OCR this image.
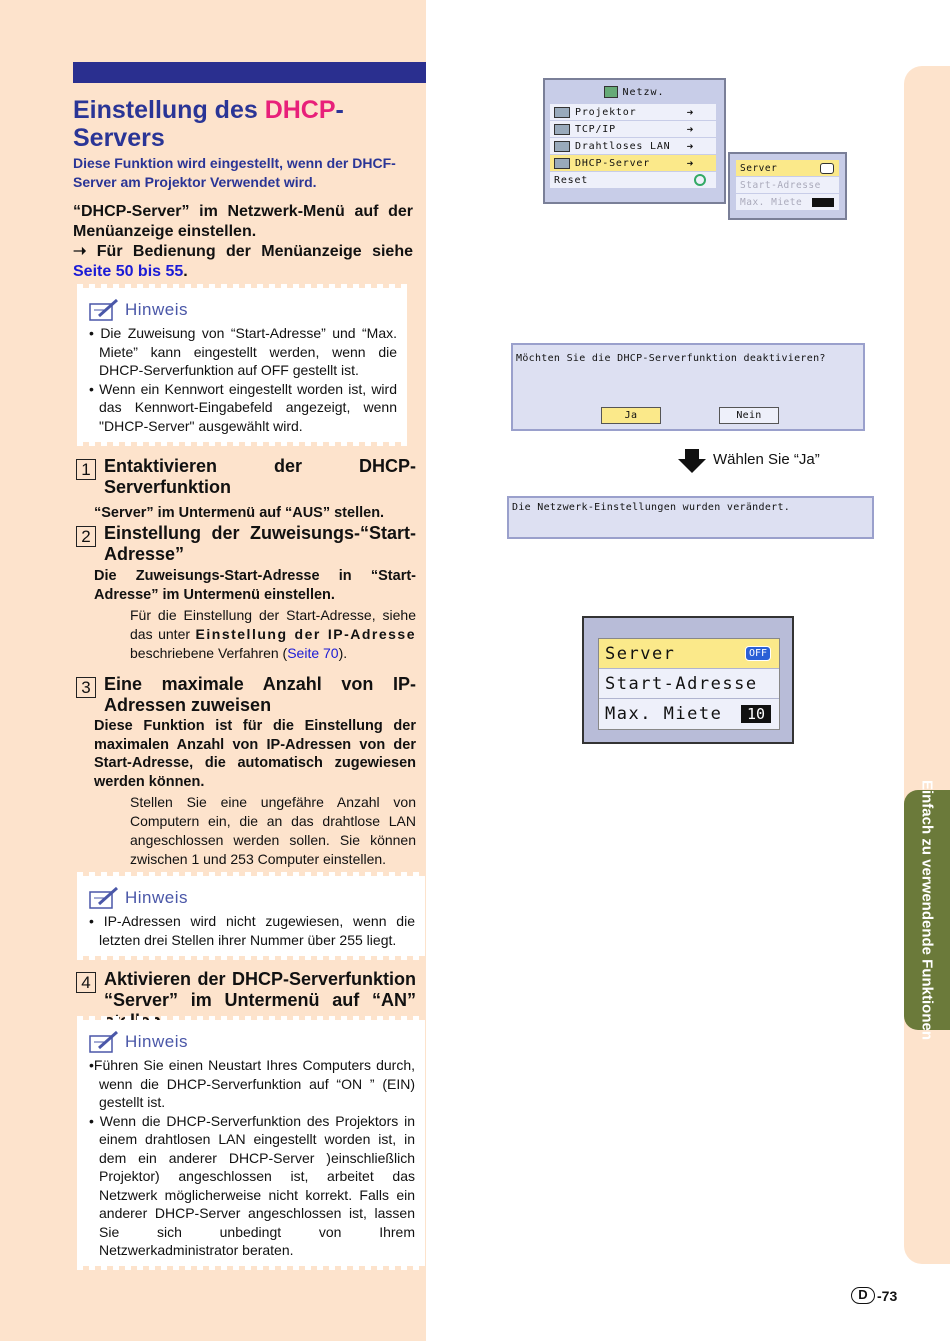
Einstellung des DHCP-
Servers
Diese Funktion wird eingestellt, wenn der DHCF-Server am Projektor Verwendet wird.
“DHCP-Server” im Netzwerk-Menü auf der Menüanzeige einstellen.
➝ Für Bedienung der Menüanzeige siehe Seite 50 bis 55.
Hinweis
• Die Zuweisung von “Start-Adresse” und “Max. Miete” kann eingestellt werden, wenn die DHCP-Serverfunktion auf OFF gestellt ist.
• Wenn ein Kennwort eingestellt worden ist, wird das Kennwort-Eingabefeld angezeigt, wenn "DHCP-Server" ausgewählt wird.
1 Entaktivieren der DHCP-Serverfunktion
“Server” im Untermenü auf “AUS” stellen.
2 Einstellung der Zuweisungs-“Start-Adresse”
Die Zuweisungs-Start-Adresse in “Start-Adresse” im Untermenü einstellen.
Für die Einstellung der Start-Adresse, siehe das unter Einstellung der IP-Adresse beschriebene Verfahren (Seite 70).
3 Eine maximale Anzahl von IP-Adressen zuweisen
Diese Funktion ist für die Einstellung der maximalen Anzahl von IP-Adressen von der Start-Adresse, die automatisch zugewiesen werden können.
Stellen Sie eine ungefähre Anzahl von Computern ein, die an das drahtlose LAN angeschlossen werden sollen. Sie können zwischen 1 und 253 Computer einstellen.
Hinweis
• IP-Adressen wird nicht zugewiesen, wenn die letzten drei Stellen ihrer Nummer über 255 liegt.
4 Aktivieren der DHCP-Serverfunktion “Server” im Untermenü auf “AN”
Hinweis
•Führen Sie einen Neustart Ihres Computers durch, wenn die DHCP-Serverfunktion auf “ON ” (EIN) gestellt ist.
• Wenn die DHCP-Serverfunktion des Projektors in einem drahtlosen LAN eingestellt worden ist, in dem ein anderer DHCP-Server )einschließlich Projektor) angeschlossen ist, arbeitet das Netzwerk möglicherweise nicht korrekt. Falls ein anderer DHCP-Server angeschlossen ist, lassen Sie sich unbedingt von Ihrem Netzwerkadministrator beraten.
Netzw.
Projektor	➜
TCP/IP	➜
Drahtloses LAN ➜
DHCP-Server	➜
Reset
Server
Start-Adresse
Max. Miete
Möchten Sie die DHCP-Serverfunktion deaktivieren?
Ja	Nein
Wählen Sie “Ja”
Die Netzwerk-Einstellungen wurden verändert.
Server	OFF
Start-Adresse
Max. Miete	10
Einfach zu verwendende Funktionen
D -73
